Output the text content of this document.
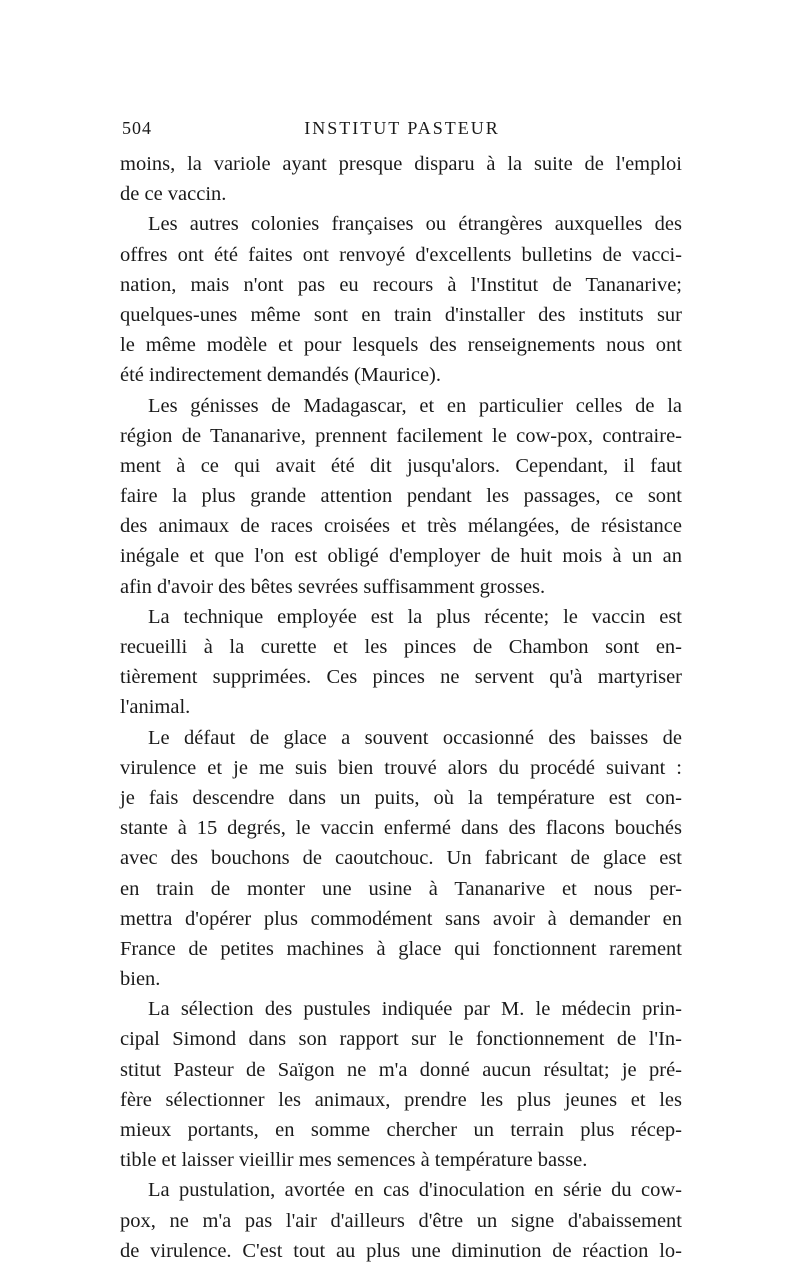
504	INSTITUT PASTEUR
moins, la variole ayant presque disparu à la suite de l'emploi
de ce vaccin.
Les autres colonies françaises ou étrangères auxquelles des
offres ont été faites ont renvoyé d'excellents bulletins de vacci-
nation, mais n'ont pas eu recours à l'Institut de Tananarive;
quelques-unes même sont en train d'installer des instituts sur
le même modèle et pour lesquels des renseignements nous ont
été indirectement demandés (Maurice).
Les génisses de Madagascar, et en particulier celles de la
région de Tananarive, prennent facilement le cow-pox, contraire-
ment à ce qui avait été dit jusqu'alors. Cependant, il faut
faire la plus grande attention pendant les passages, ce sont
des animaux de races croisées et très mélangées, de résistance
inégale et que l'on est obligé d'employer de huit mois à un an
afin d'avoir des bêtes sevrées suffisamment grosses.
La technique employée est la plus récente; le vaccin est
recueilli à la curette et les pinces de Chambon sont en-
tièrement supprimées. Ces pinces ne servent qu'à martyriser
l'animal.
Le défaut de glace a souvent occasionné des baisses de
virulence et je me suis bien trouvé alors du procédé suivant :
je fais descendre dans un puits, où la température est con-
stante à 15 degrés, le vaccin enfermé dans des flacons bouchés
avec des bouchons de caoutchouc. Un fabricant de glace est
en train de monter une usine à Tananarive et nous per-
mettra d'opérer plus commodément sans avoir à demander en
France de petites machines à glace qui fonctionnent rarement
bien.
La sélection des pustules indiquée par M. le médecin prin-
cipal Simond dans son rapport sur le fonctionnement de l'In-
stitut Pasteur de Saïgon ne m'a donné aucun résultat; je pré-
fère sélectionner les animaux, prendre les plus jeunes et les
mieux portants, en somme chercher un terrain plus récep-
tible et laisser vieillir mes semences à température basse.
La pustulation, avortée en cas d'inoculation en série du cow-
pox, ne m'a pas l'air d'ailleurs d'être un signe d'abaissement
de virulence. C'est tout au plus une diminution de réaction lo-
